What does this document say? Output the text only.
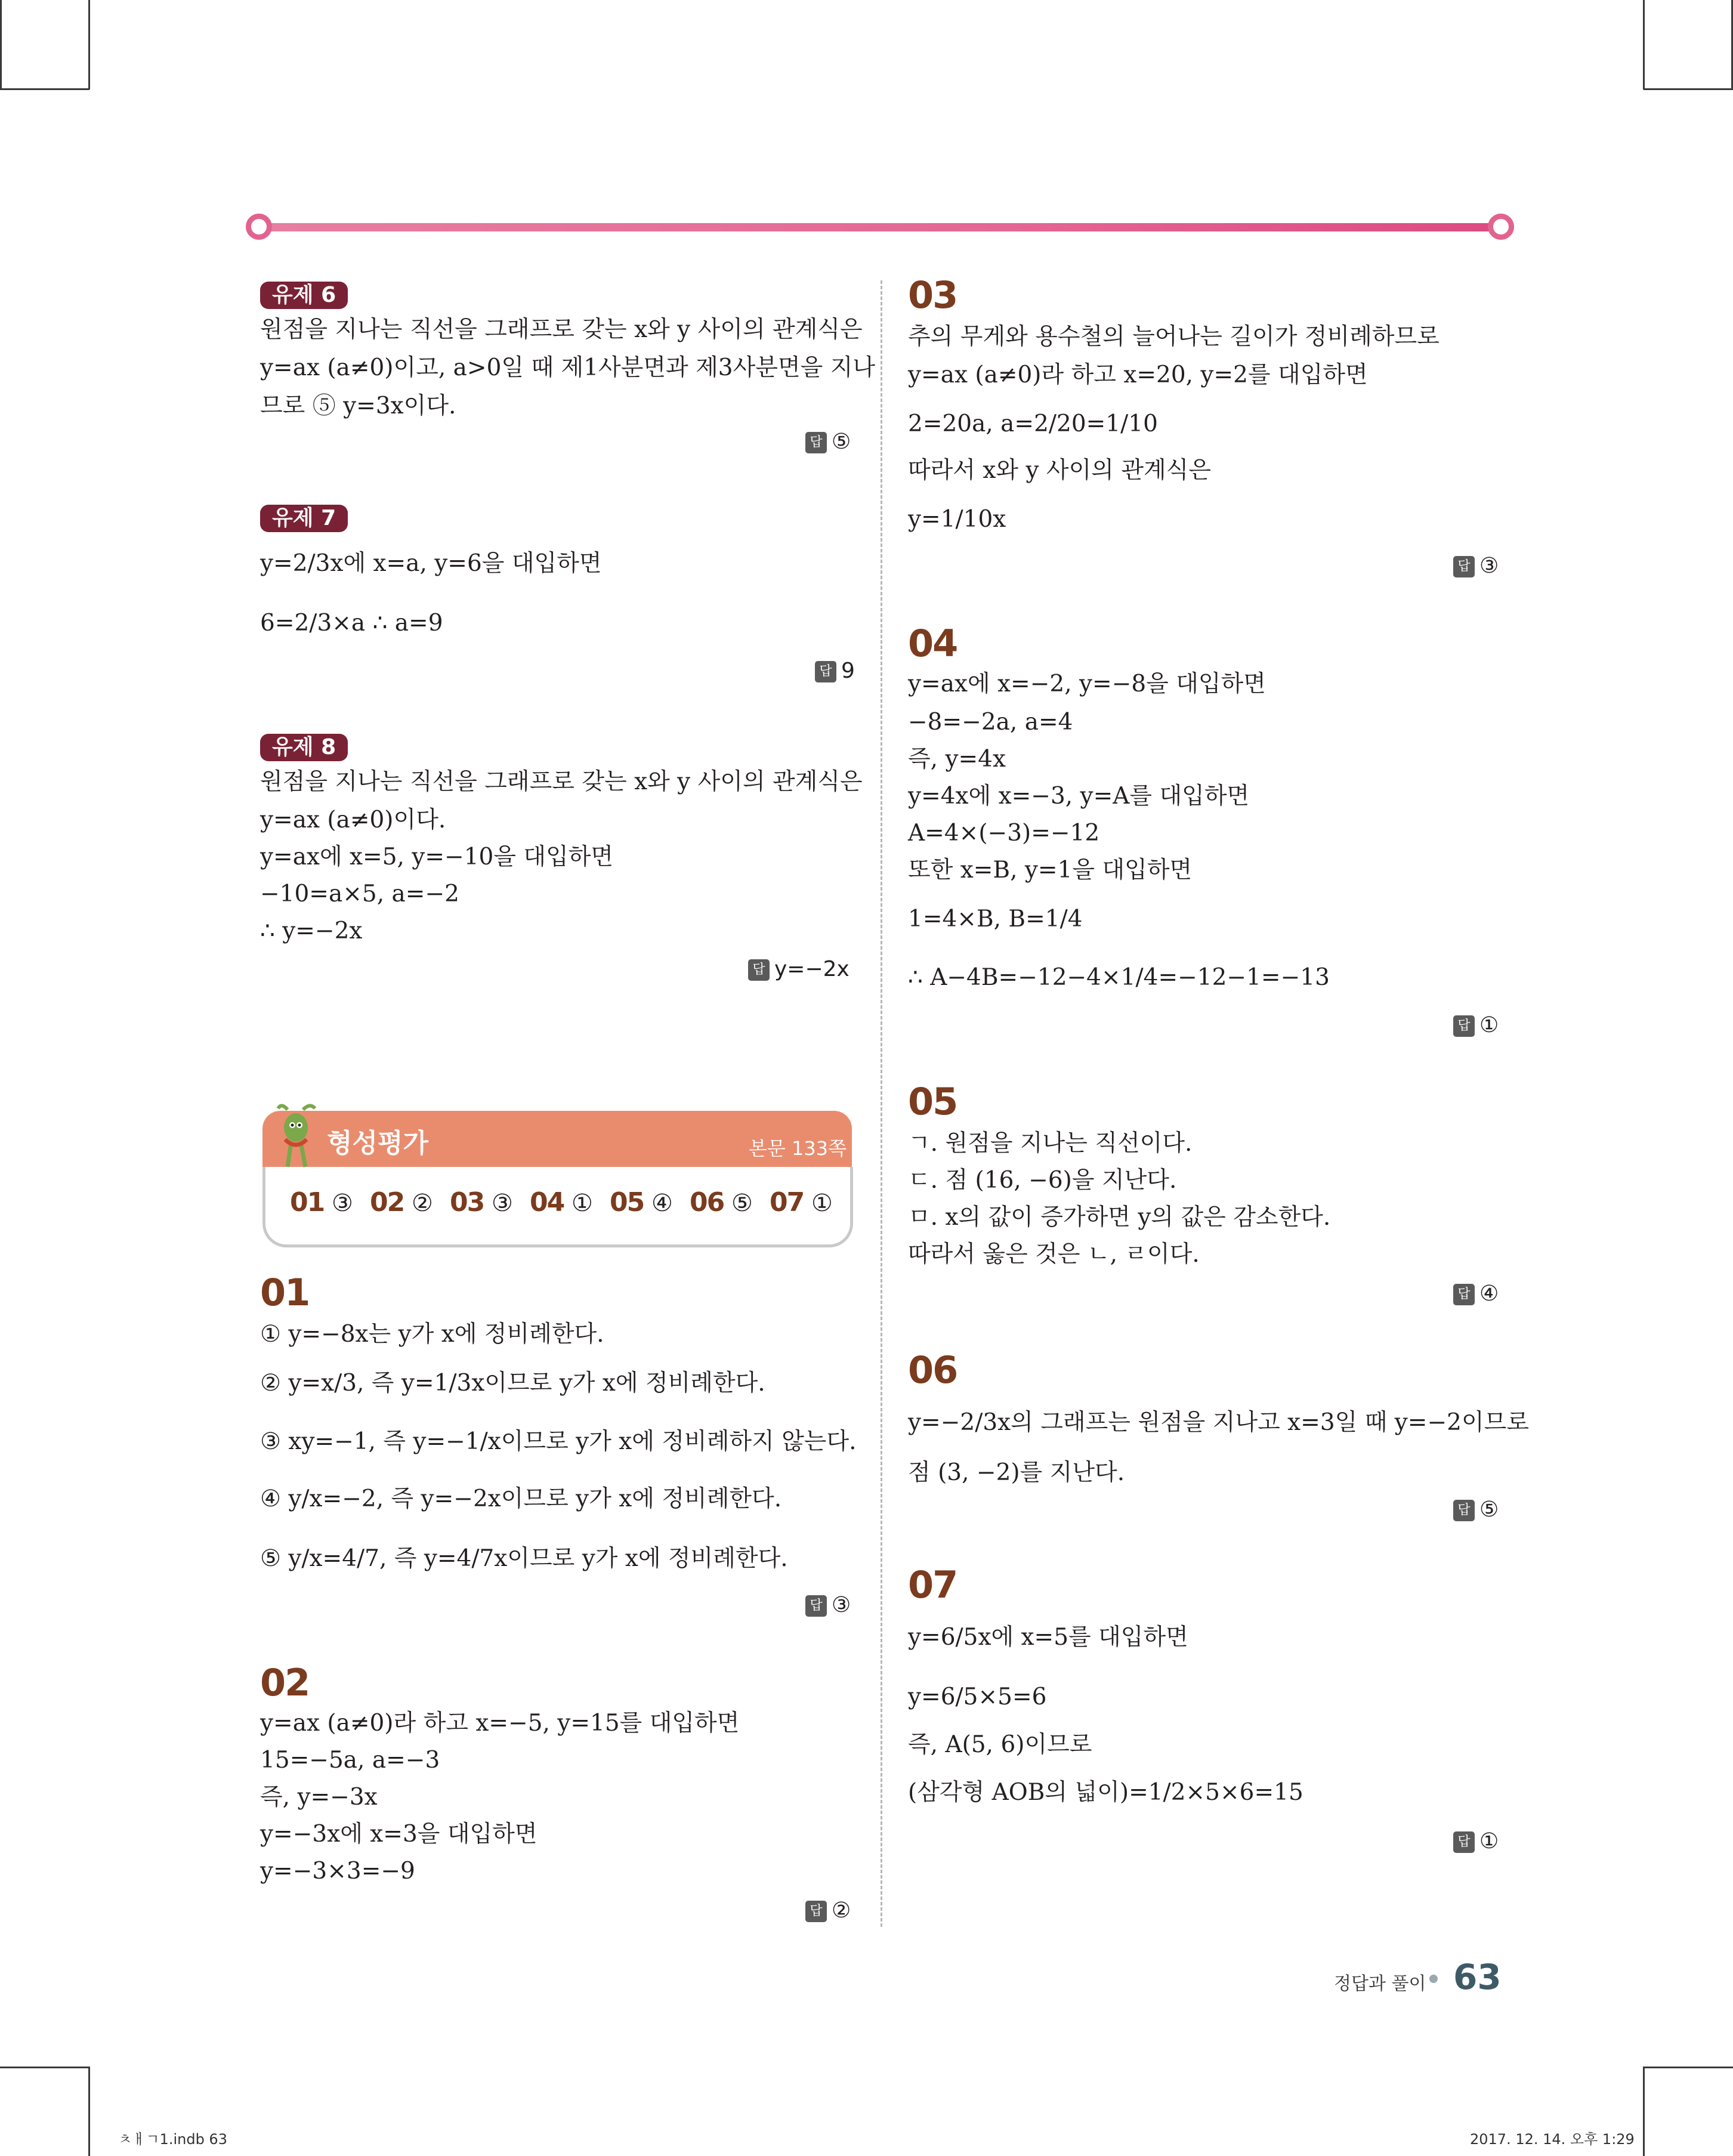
유제 6
원점을 지나는 직선을 그래프로 갖는 x와 y 사이의 관계식은
y=ax (a≠0)이고, a>0일 때 제1사분면과 제3사분면을 지나
므로 ⑤ y=3x이다.
답 ⑤
유제 7
y=2/3x에 x=a, y=6을 대입하면
6=2/3×a ∴ a=9
답 9
유제 8
원점을 지나는 직선을 그래프로 갖는 x와 y 사이의 관계식은
y=ax (a≠0)이다.
y=ax에 x=5, y=−10을 대입하면
−10=a×5, a=−2
∴ y=−2x
답 y=−2x
형성평가	본문 133쪽
01 ③ 02 ② 03 ③ 04 ① 05 ④ 06 ⑤ 07 ①
01
① y=−8x는 y가 x에 정비례한다.
② y=x/3, 즉 y=1/3x이므로 y가 x에 정비례한다.
③ xy=−1, 즉 y=−1/x이므로 y가 x에 정비례하지 않는다.
④ y/x=−2, 즉 y=−2x이므로 y가 x에 정비례한다.
⑤ y/x=4/7, 즉 y=4/7x이므로 y가 x에 정비례한다.
답 ③
02
y=ax (a≠0)라 하고 x=−5, y=15를 대입하면
15=−5a, a=−3
즉, y=−3x
y=−3x에 x=3을 대입하면
y=−3×3=−9
답 ②
03
추의 무게와 용수철의 늘어나는 길이가 정비례하므로
y=ax (a≠0)라 하고 x=20, y=2를 대입하면
2=20a, a=2/20=1/10
따라서 x와 y 사이의 관계식은
y=1/10x
답 ③
04
y=ax에 x=−2, y=−8을 대입하면
−8=−2a, a=4
즉, y=4x
y=4x에 x=−3, y=A를 대입하면
A=4×(−3)=−12
또한 x=B, y=1을 대입하면
1=4×B, B=1/4
∴ A−4B=−12−4×1/4=−12−1=−13
답 ①
05
ㄱ. 원점을 지나는 직선이다.
ㄷ. 점 (16, −6)을 지난다.
ㅁ. x의 값이 증가하면 y의 값은 감소한다.
따라서 옳은 것은 ㄴ, ㄹ이다.
답 ④
06
y=−2/3x의 그래프는 원점을 지나고 x=3일 때 y=−2이므로
점 (3, −2)를 지난다.
답 ⑤
07
y=6/5x에 x=5를 대입하면
y=6/5×5=6
즉, A(5, 6)이므로
(삼각형 AOB의 넓이)=1/2×5×6=15
답 ①
정답과 풀이 63
ㅊㅐㄱ1.indb 63	2017. 12. 14. 오후 1:29
